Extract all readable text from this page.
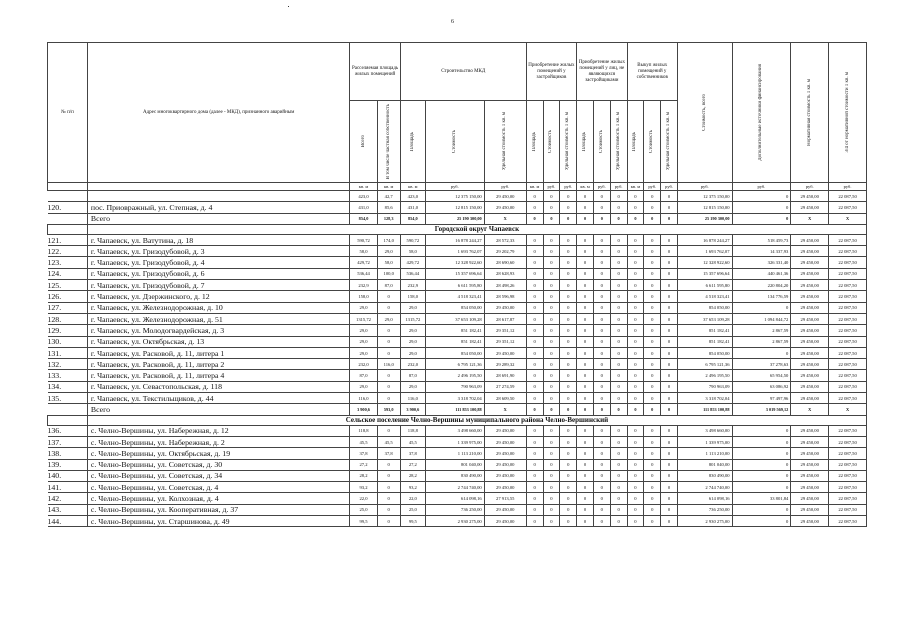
6
№ п/п	Адрес многоквартирного дома (далее - МКД), признанного аварийным	Расселяемая площадь жилых помещений		Строительство МКД			Приобретение жилых помещений у застройщиков			Приобретение жилых помещений у лиц, не являющихся застройщиками			Выкуп жилых помещений у собственников			Стоимость, всего	Дополнительные источники финансирования	Нормативная стоимость 1 кв. м	3/4 от нормативной стоимости 1 кв. м

		Всего	В том числе частная собственность	Площадь	Стоимость	Удельная стоимость 1 кв. м	Площадь	Стоимость	Удельная стоимость 1 кв. м	Площадь	Стоимость	Удельная стоимость 1 кв. м	Площадь	Стоимость	Удельная стоимость 1 кв. м				

		кв. м	кв. м	кв. м	руб.	руб.	кв. м	руб.	руб.	кв. м	руб.	руб.	кв. м	руб.	руб.	руб.	руб.	руб.	руб.
		423,0	42,7	423,0	12 375 150,00	29 450,00	0	0	0	0	0	0	0	0	0	12 375 150,00	0	29 450,00	22 087,50
120.	пос. Приовражный, ул. Степная, д. 4	431,0	85,6	431,0	12 815 150,00	29 450,00	0	0	0	0	0	0	0	0	0	12 815 150,00	0	29 450,00	22 087,50
	Всего	854,0	128,3	854,0	25 190 300,00	X	0	0	0	0	0	0	0	0	0	25 190 300,00	0	X	X
	Городской округ Чапаевск																		
121.	г. Чапаевск, ул. Ватутина, д. 18	590,72	174,0	590,72	16 878 244,27	28 572,33	0	0	0	0	0	0	0	0	0	16 878 244,27	518 459,73	29 450,00	22 087,50
122.	г. Чапаевск, ул. Гризодубовой, д. 3	58,0	29,0	58,0	1 693 762,07	29 202,79	0	0	0	0	0	0	0	0	0	1 693 762,07	14 337,93	29 450,00	22 087,50
123.	г. Чапаевск, ул. Гризодубовой, д. 4	429,72	58,0	429,72	12 328 922,60	28 690,60	0	0	0	0	0	0	0	0	0	12 328 922,60	326 331,40	29 450,00	22 087,50
124.	г. Чапаевск, ул. Гризодубовой, д. 6	536,44	100,0	536,44	15 357 696,64	28 628,93	0	0	0	0	0	0	0	0	0	15 357 696,64	440 461,36	29 450,00	22 087,50
125.	г. Чапаевск, ул. Гризодубовой, д. 7	232,9	87,0	232,9	6 611 595,80	28 498,26	0	0	0	0	0	0	0	0	0	6 611 595,80	220 804,20	29 450,00	22 087,50
126.	г. Чапаевск, ул. Дзержинского, д. 12	158,0	0	158,0	4 518 323,41	28 596,98	0	0	0	0	0	0	0	0	0	4 518 323,41	134 776,59	29 450,00	22 087,50
127.	г. Чапаевск, ул. Железнодорожная, д. 10	29,0	0	29,0	854 050,00	29 450,00	0	0	0	0	0	0	0	0	0	854 050,00	0	29 450,00	22 087,50
128.	г. Чапаевск, ул. Железнодорожная, д. 51	1315,72	29,0	1315,72	37 653 109,28	28 617,87	0	0	0	0	0	0	0	0	0	37 653 109,28	1 094 844,72	29 450,00	22 087,50
129.	г. Чапаевск, ул. Молодогвардейская, д. 3	29,0	0	29,0	851 182,41	29 351,12	0	0	0	0	0	0	0	0	0	851 182,41	2 867,59	29 450,00	22 087,50
130.	г. Чапаевск, ул. Октябрьская, д. 13	29,0	0	29,0	851 182,41	29 351,12	0	0	0	0	0	0	0	0	0	851 182,41	2 867,59	29 450,00	22 087,50
131.	г. Чапаевск, ул. Расковой, д. 11, литера 1	29,0	0	29,0	854 050,00	29 450,00	0	0	0	0	0	0	0	0	0	854 050,00	0	29 450,00	22 087,50
132.	г. Чапаевск, ул. Расковой, д. 11, литера 2	232,0	116,0	232,0	6 795 121,36	29 289,32	0	0	0	0	0	0	0	0	0	6 795 121,36	37 278,63	29 450,00	22 087,50
133.	г. Чапаевск, ул. Расковой, д. 11, литера 4	87,0	0	87,0	2 496 195,50	28 691,90	0	0	0	0	0	0	0	0	0	2 496 195,50	65 954,50	29 450,00	22 087,50
134.	г. Чапаевск, ул. Севастопольская, д. 118	29,0	0	29,0	790 963,09	27 274,59	0	0	0	0	0	0	0	0	0	790 963,09	63 086,92	29 450,00	22 087,50
135.	г. Чапаевск, ул. Текстильщиков, д. 44	116,0	0	116,0	3 318 702,04	28 609,50	0	0	0	0	0	0	0	0	0	3 318 702,04	97 497,96	29 450,00	22 087,50
	Всего	3 900,6	593,0	3 900,6	111 853 100,88	X	0	0	0	0	0	0	0	0	0	111 853 100,88	3 019 569,12	X	X
	Сельское поселение Челно-Вершины муниципального района Челно-Вершинский																		
136.	с. Челно-Вершины, ул. Набережная, д. 12	118,8	0	118,8	3 498 660,00	29 450,00	0	0	0	0	0	0	0	0	0	3 498 660,00	0	29 450,00	22 087,50
137.	с. Челно-Вершины, ул. Набережная, д. 2	45,5	45,5	45,5	1 339 975,00	29 450,00	0	0	0	0	0	0	0	0	0	1 339 975,00	0	29 450,00	22 087,50
138.	с. Челно-Вершины, ул. Октябрьская, д. 19	37,8	37,8	37,8	1 113 210,00	29 450,00	0	0	0	0	0	0	0	0	0	1 113 210,00	0	29 450,00	22 087,50
139.	с. Челно-Вершины, ул. Советская, д. 30	27,2	0	27,2	801 040,00	29 450,00	0	0	0	0	0	0	0	0	0	801 040,00	0	29 450,00	22 087,50
140.	с. Челно-Вершины, ул. Советская, д. 34	28,2	0	28,2	830 490,00	29 450,00	0	0	0	0	0	0	0	0	0	830 490,00	0	29 450,00	22 087,50
141.	с. Челно-Вершины, ул. Советская, д. 4	93,2	0	93,2	2 744 740,00	29 450,00	0	0	0	0	0	0	0	0	0	2 744 740,00	0	29 450,00	22 087,50
142.	с. Челно-Вершины, ул. Колхозная, д. 4	22,0	0	22,0	614 098,16	27 913,55	0	0	0	0	0	0	0	0	0	614 098,16	33 801,84	29 450,00	22 087,50
143.	с. Челно-Вершины, ул. Кооперативная, д. 37	25,0	0	25,0	736 250,00	29 450,00	0	0	0	0	0	0	0	0	0	736 250,00	0	29 450,00	22 087,50
144.	с. Челно-Вершины, ул. Старшинова, д. 49	99,5	0	99,5	2 930 275,00	29 450,00	0	0	0	0	0	0	0	0	0	2 930 275,00	0	29 450,00	22 087,50
